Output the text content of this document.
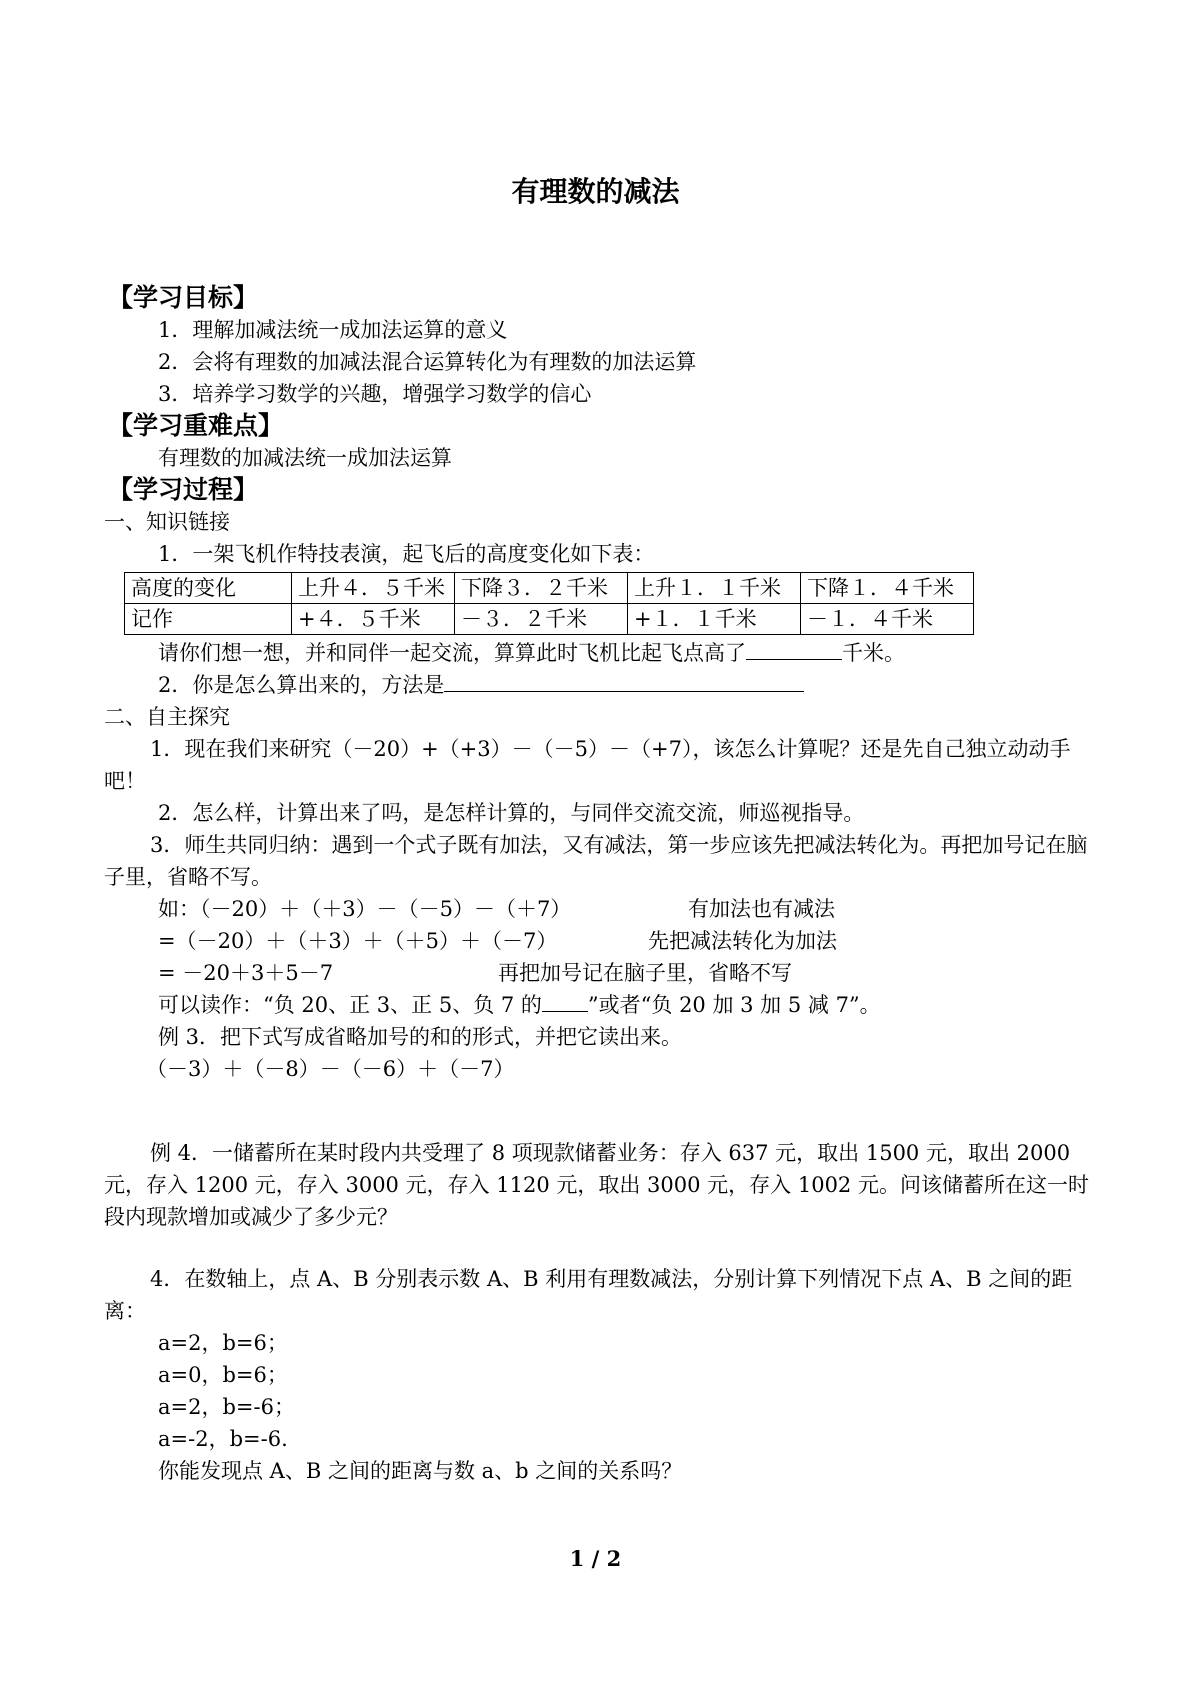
有理数的减法
【学习目标】
1．理解加减法统一成加法运算的意义
2．会将有理数的加减法混合运算转化为有理数的加法运算
3．培养学习数学的兴趣，增强学习数学的信心
【学习重难点】
有理数的加减法统一成加法运算
【学习过程】
一、知识链接
1．一架飞机作特技表演，起飞后的高度变化如下表：
高度的变化	上升４．５千米	下降３．２千米	上升１．１千米	下降１．４千米
记作	+４．５千米	－３．２千米	+１．１千米	－１．４千米
请你们想一想，并和同伴一起交流，算算此时飞机比起飞点高了	千米。
2．你是怎么算出来的，方法是
二、自主探究
1．现在我们来研究（－20）+（+3）－（－5）－（+7），该怎么计算呢？还是先自己独立动动手吧！
2．怎么样，计算出来了吗，是怎样计算的，与同伴交流交流，师巡视指导。
3．师生共同归纳：遇到一个式子既有加法，又有减法，第一步应该先把减法转化为。再把加号记在脑子里，省略不写。
如：（－20）＋（＋3）－（－5）－（＋7）	有加法也有减法
=（－20）＋（＋3）＋（＋5）＋（－7）	先把减法转化为加法
= －20＋3＋5－7	再把加号记在脑子里，省略不写
可以读作：“负 20、正 3、正 5、负 7 的 ”或者“负 20 加 3 加 5 减 7”。
例 3．把下式写成省略加号的和的形式，并把它读出来。
（－3）＋（－8）－（－6）＋（－7）
例 4．一储蓄所在某时段内共受理了 8 项现款储蓄业务：存入 637 元，取出 1500 元，取出 2000 元，存入 1200 元，存入 3000 元，存入 1120 元，取出 3000 元，存入 1002 元。问该储蓄所在这一时段内现款增加或减少了多少元？
4．在数轴上，点 A、B 分别表示数 A、B 利用有理数减法，分别计算下列情况下点 A、B 之间的距离：
a=2，b=6；
a=0，b=6；
a=2，b=-6；
a=-2，b=-6.
你能发现点 A、B 之间的距离与数 a、b 之间的关系吗？
1 / 2
